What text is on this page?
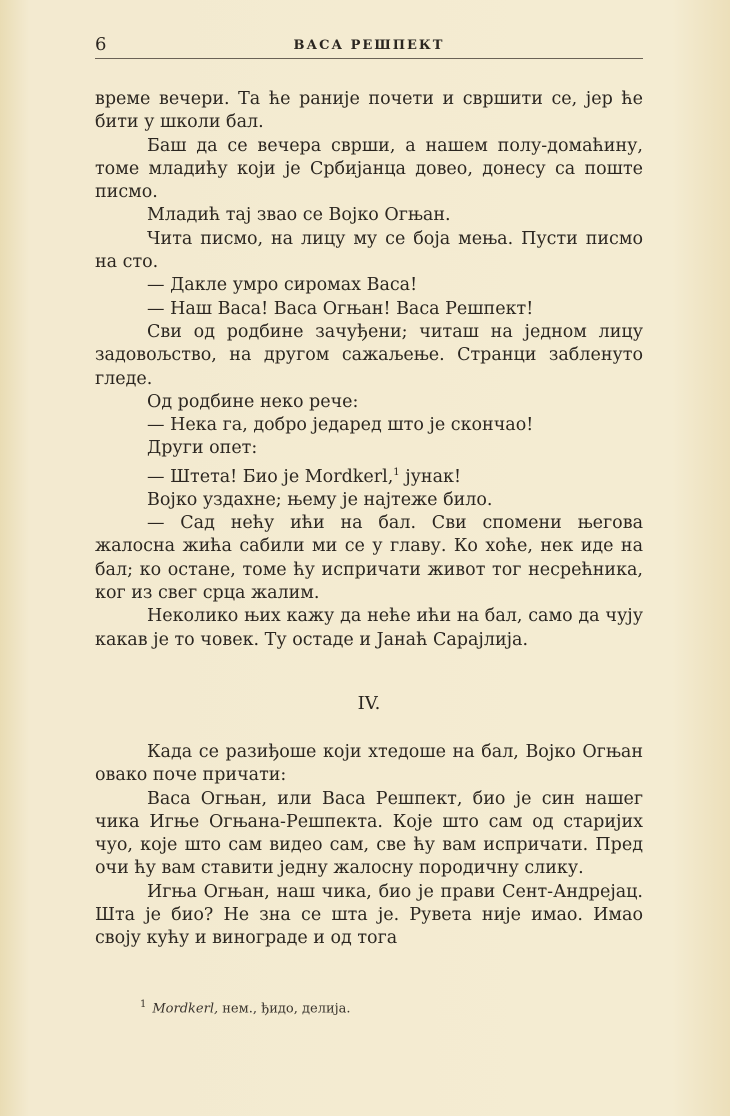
6	ВАСА РЕШПЕКТ

време вечери. Та ће раније почети и свршити се, јер ће бити у школи бал.

Баш да се вечера сврши, а нашем полу-домаћину, томе младићу који је Србијанца довео, донесу са поште писмо.

Младић тај звао се Војко Огњан.

Чита писмо, на лицу му се боја мења. Пусти писмо на сто.

— Дакле умро сиромах Васа!

— Наш Васа! Васа Огњан! Васа Решпект!

Сви од родбине зачуђени; читаш на једном лицу задовољство, на другом сажаљење. Странци забленуто гледе.

Од родбине неко рече:

— Нека га, добро једаред што је скончао!

Други опет:

— Штета! Био је Mordkerl,$^1$ јунак!

Војко уздахне; њему је најтеже било.

— Сад нећу ићи на бал. Сви спомени његова жалосна жића сабили ми се у главу. Ко хоће, нек иде на бал; ко остане, томе ћу испричати живот тог несрећника, ког из свег срца жалим.

Неколико њих кажу да неће ићи на бал, само да чују какав је то човек. Ту остаде и Јанаћ Сарајлија.

IV.

Када се разиђоше који хтедоше на бал, Војко Огњан овако поче причати:

Васа Огњан, или Васа Решпект, био је син нашег чика Игње Огњана-Решпекта. Које што сам од старијих чуо, које што сам видео сам, све ћу вам испричати. Пред очи ћу вам ставити једну жалосну породичну слику.

Игња Огњан, наш чика, био је прави Сент-Андрејац. Шта је био? Не зна се шта је. Рувета није имао. Имао своју кућу и винограде и од тога

$^1$ Mordkerl, нем., ђидо, делија.
